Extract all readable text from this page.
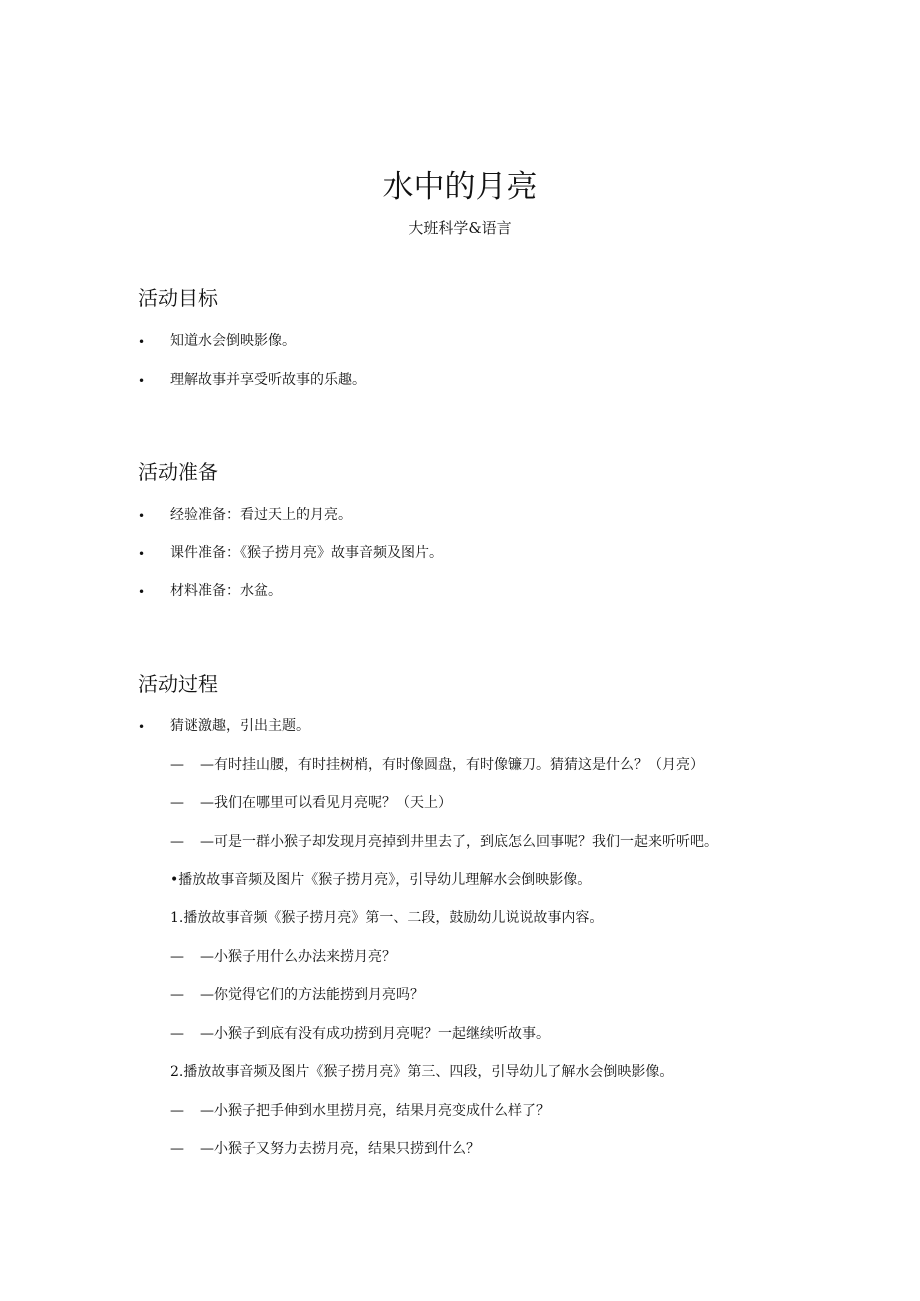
水中的月亮
大班科学&语言
活动目标
• 知道水会倒映影像。
• 理解故事并享受听故事的乐趣。
活动准备
• 经验准备：看过天上的月亮。
• 课件准备：《猴子捞月亮》故事音频及图片。
• 材料准备：水盆。
活动过程
• 猜谜激趣，引出主题。
— —有时挂山腰，有时挂树梢，有时像圆盘，有时像镰刀。猜猜这是什么？（月亮）
— —我们在哪里可以看见月亮呢？（天上）
— —可是一群小猴子却发现月亮掉到井里去了，到底怎么回事呢？我们一起来听听吧。
•播放故事音频及图片《猴子捞月亮》，引导幼儿理解水会倒映影像。
1.播放故事音频《猴子捞月亮》第一、二段，鼓励幼儿说说故事内容。
— —小猴子用什么办法来捞月亮？
— —你觉得它们的方法能捞到月亮吗？
— —小猴子到底有没有成功捞到月亮呢？一起继续听故事。
2.播放故事音频及图片《猴子捞月亮》第三、四段，引导幼儿了解水会倒映影像。
— —小猴子把手伸到水里捞月亮，结果月亮变成什么样了？
— —小猴子又努力去捞月亮，结果只捞到什么？
